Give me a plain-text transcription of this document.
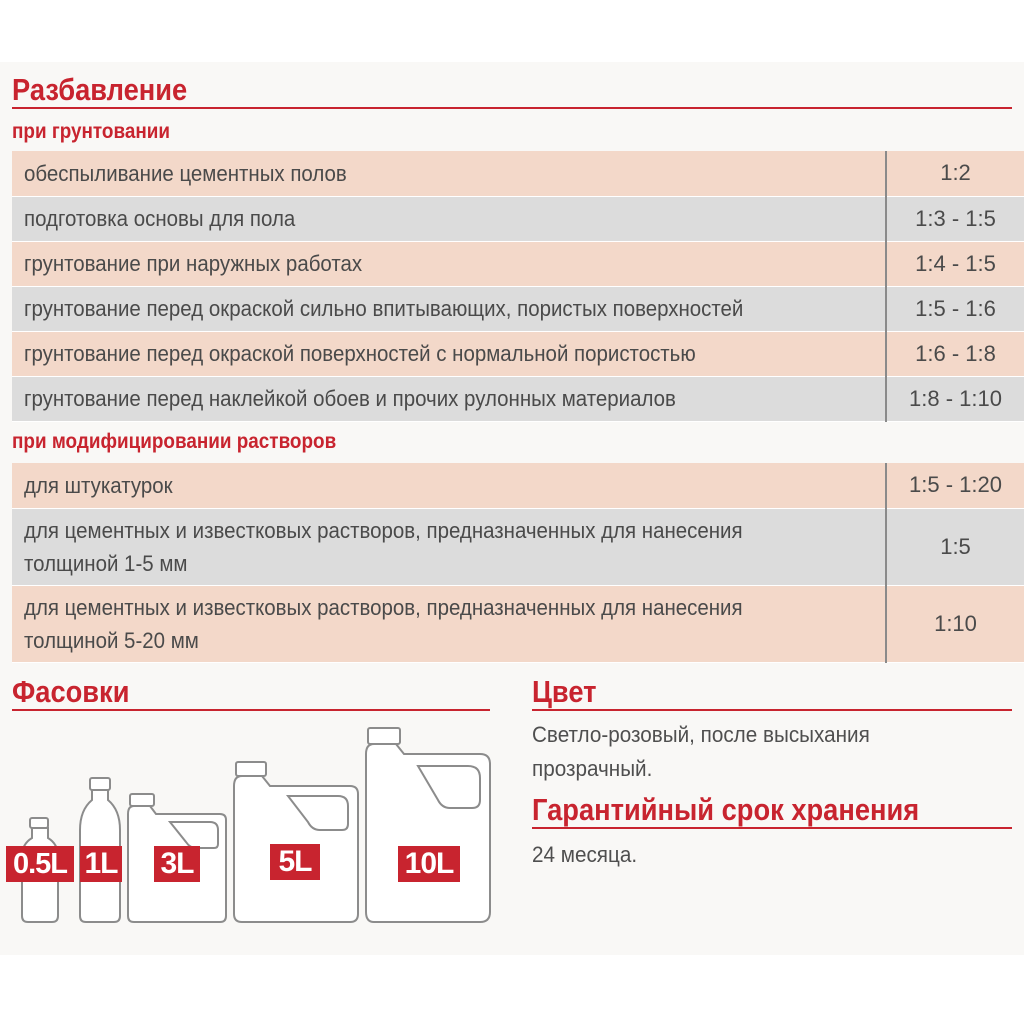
Разбавление
при грунтовании
обеспыливание цементных полов	1:2
подготовка основы для пола	1:3 - 1:5
грунтование при наружных работах	1:4 - 1:5
грунтование перед окраской сильно впитывающих, пористых поверхностей	1:5 - 1:6
грунтование перед окраской поверхностей с нормальной пористостью	1:6 - 1:8
грунтование перед наклейкой обоев и прочих рулонных материалов	1:8 - 1:10
при модифицировании растворов
для штукатурок	1:5 - 1:20

для цементных и известковых растворов, предназначенных для нанесения
толщиной 1-5 мм	1:5

для цементных и известковых растворов, предназначенных для нанесения
толщиной 5-20 мм	1:10
Фасовки
0.5L 1L 3L	5L	10L
Цвет
Светло-розовый, после высыхания
прозрачный.
Гарантийный срок хранения
24 месяца.
